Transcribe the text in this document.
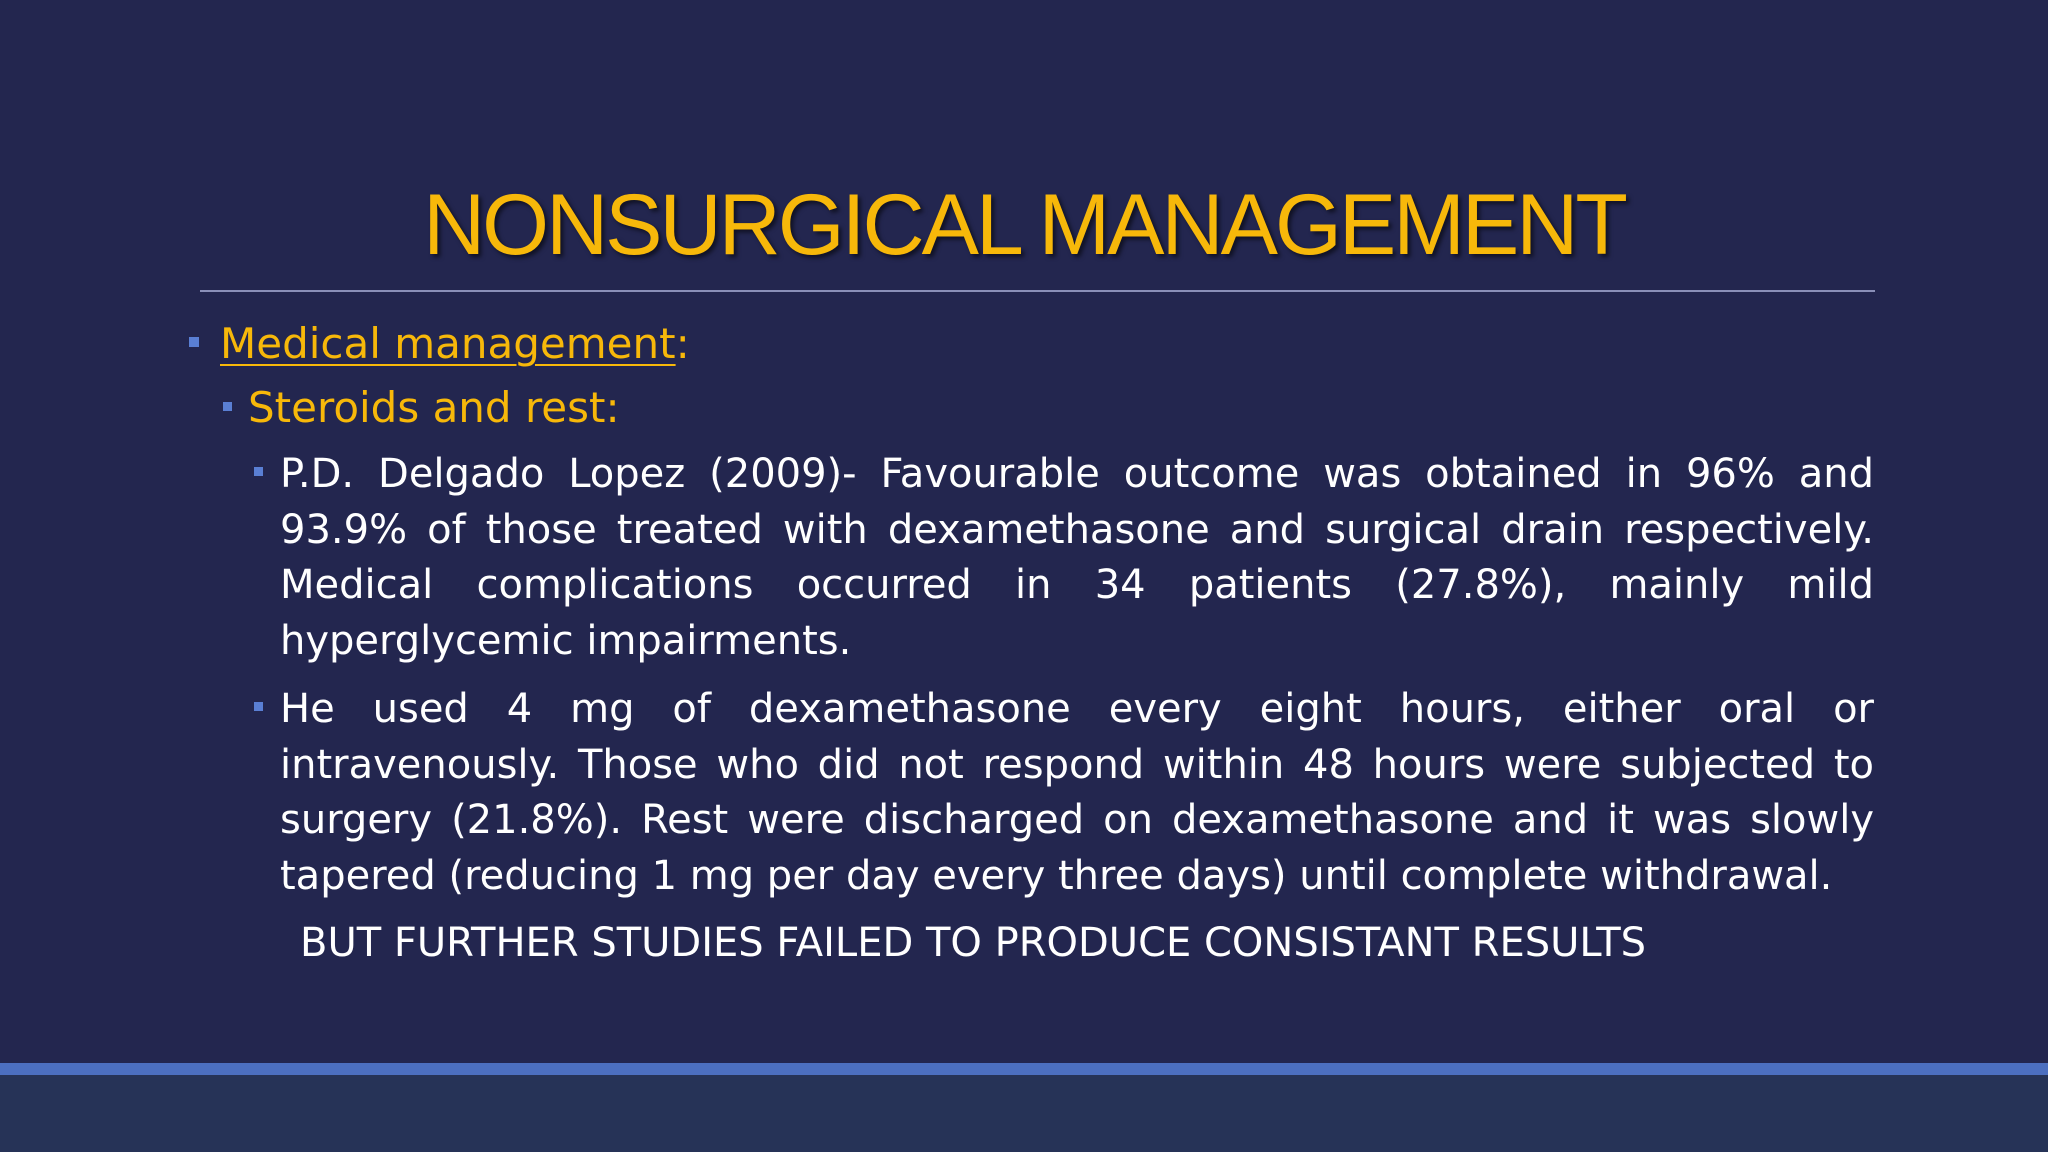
NONSURGICAL MANAGEMENT
Medical management:
Steroids and rest:
P.D. Delgado Lopez (2009)- Favourable outcome was obtained in 96% and 93.9% of those treated with dexamethasone and surgical drain respectively. Medical complications occurred in 34 patients (27.8%), mainly mild hyperglycemic impairments.
He used 4 mg of dexamethasone every eight hours, either oral or intravenously. Those who did not respond within 48 hours were subjected to surgery (21.8%). Rest were discharged on dexamethasone and it was slowly tapered (reducing 1 mg per day every three days) until complete withdrawal.
BUT FURTHER STUDIES FAILED TO PRODUCE CONSISTANT RESULTS
